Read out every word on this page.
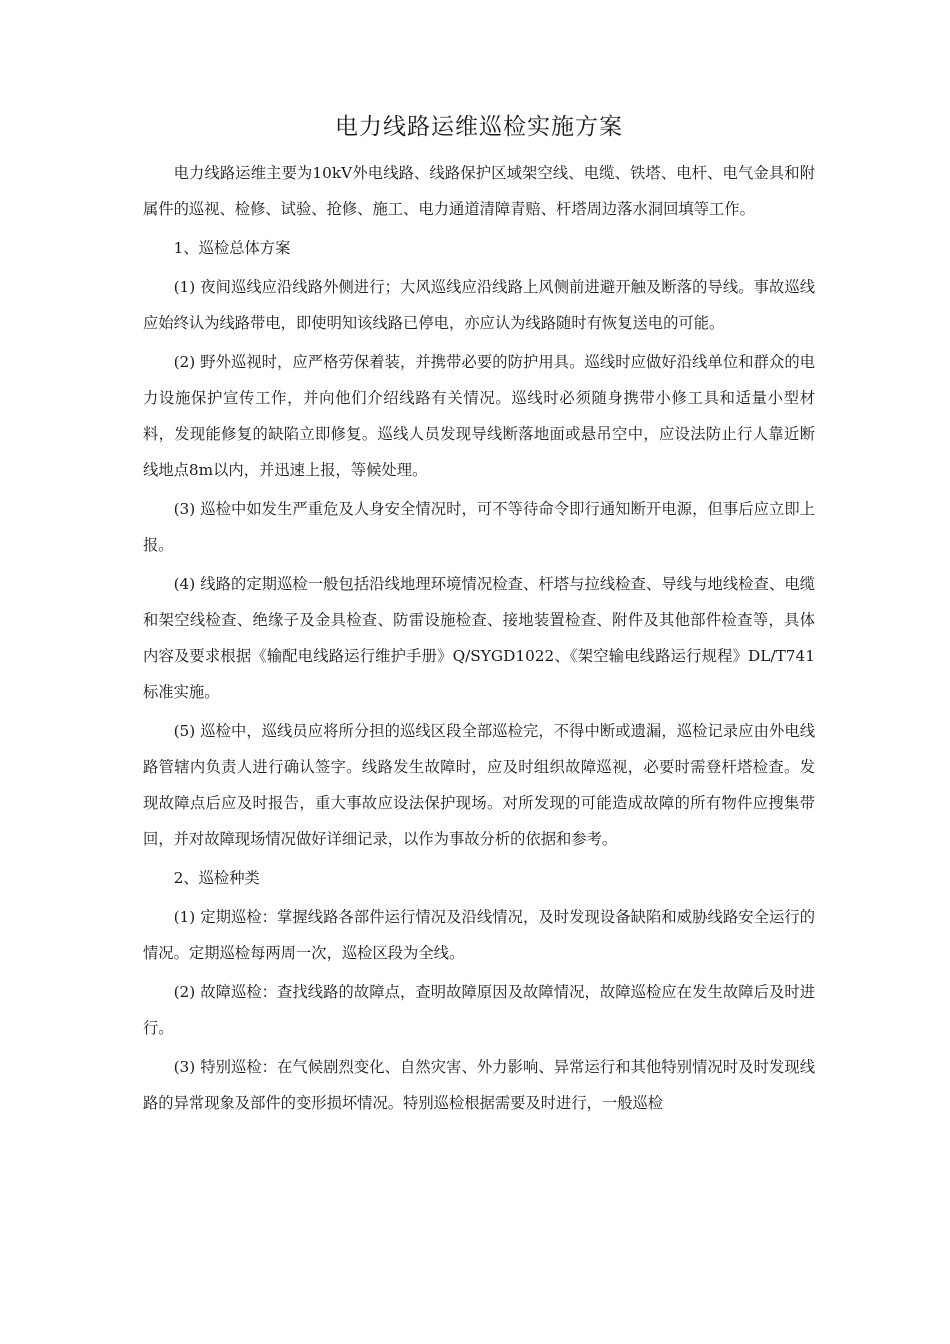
电力线路运维巡检实施方案

电力线路运维主要为10kV外电线路、线路保护区域架空线、电缆、铁塔、电杆、电气金具和附属件的巡视、检修、试验、抢修、施工、电力通道清障青赔、杆塔周边落水洞回填等工作。

1、巡检总体方案

(1) 夜间巡线应沿线路外侧进行；大风巡线应沿线路上风侧前进避开触及断落的导线。事故巡线应始终认为线路带电，即使明知该线路已停电，亦应认为线路随时有恢复送电的可能。

(2) 野外巡视时，应严格劳保着装，并携带必要的防护用具。巡线时应做好沿线单位和群众的电力设施保护宣传工作，并向他们介绍线路有关情况。巡线时必须随身携带小修工具和适量小型材料，发现能修复的缺陷立即修复。巡线人员发现导线断落地面或悬吊空中，应设法防止行人靠近断线地点8m以内，并迅速上报，等候处理。

(3) 巡检中如发生严重危及人身安全情况时，可不等待命令即行通知断开电源，但事后应立即上报。

(4) 线路的定期巡检一般包括沿线地理环境情况检查、杆塔与拉线检查、导线与地线检查、电缆和架空线检查、绝缘子及金具检查、防雷设施检查、接地装置检查、附件及其他部件检查等，具体内容及要求根据《输配电线路运行维护手册》Q/SYGD1022、《架空输电线路运行规程》DL/T741标准实施。

(5) 巡检中，巡线员应将所分担的巡线区段全部巡检完，不得中断或遗漏，巡检记录应由外电线路管辖内负责人进行确认签字。线路发生故障时，应及时组织故障巡视，必要时需登杆塔检查。发现故障点后应及时报告，重大事故应设法保护现场。对所发现的可能造成故障的所有物件应搜集带回，并对故障现场情况做好详细记录，以作为事故分析的依据和参考。

2、巡检种类

(1) 定期巡检：掌握线路各部件运行情况及沿线情况，及时发现设备缺陷和威胁线路安全运行的情况。定期巡检每两周一次，巡检区段为全线。

(2) 故障巡检：查找线路的故障点，查明故障原因及故障情况，故障巡检应在发生故障后及时进行。

(3) 特别巡检：在气候剧烈变化、自然灾害、外力影响、异常运行和其他特别情况时及时发现线路的异常现象及部件的变形损坏情况。特别巡检根据需要及时进行，一般巡检
